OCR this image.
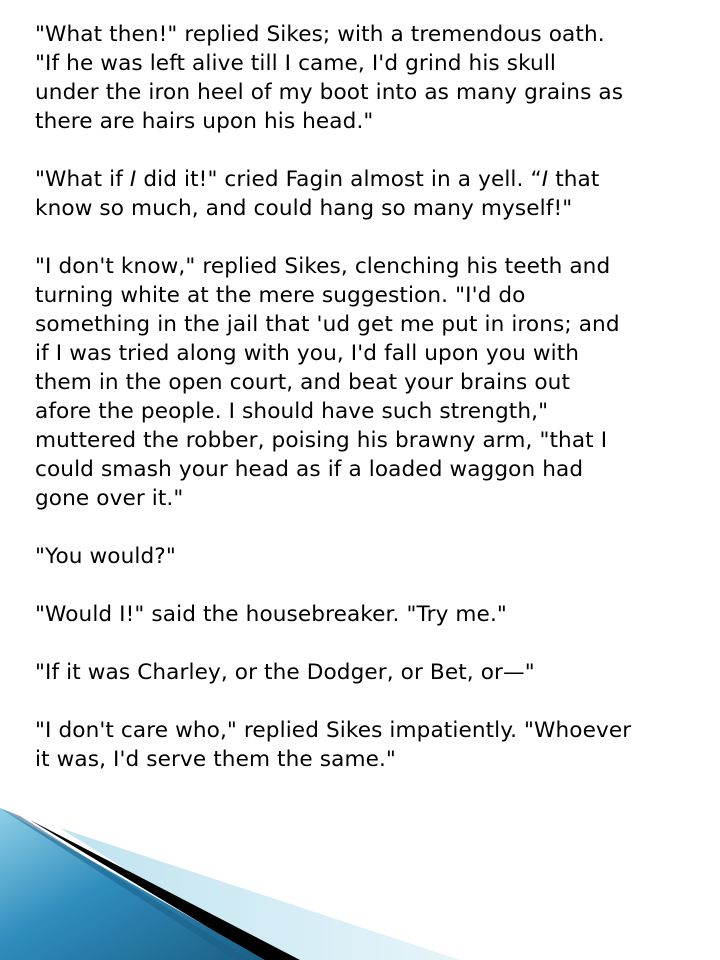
"What then!" replied Sikes; with a tremendous oath.
"If he was left alive till I came, I'd grind his skull
under the iron heel of my boot into as many grains as
there are hairs upon his head."
"What if I did it!" cried Fagin almost in a yell. “I that
know so much, and could hang so many myself!"
"I don't know," replied Sikes, clenching his teeth and
turning white at the mere suggestion. "I'd do
something in the jail that 'ud get me put in irons; and
if I was tried along with you, I'd fall upon you with
them in the open court, and beat your brains out
afore the people. I should have such strength,"
muttered the robber, poising his brawny arm, "that I
could smash your head as if a loaded waggon had
gone over it."
"You would?"
"Would I!" said the housebreaker. "Try me."
"If it was Charley, or the Dodger, or Bet, or—"
"I don't care who," replied Sikes impatiently. "Whoever
it was, I'd serve them the same."
